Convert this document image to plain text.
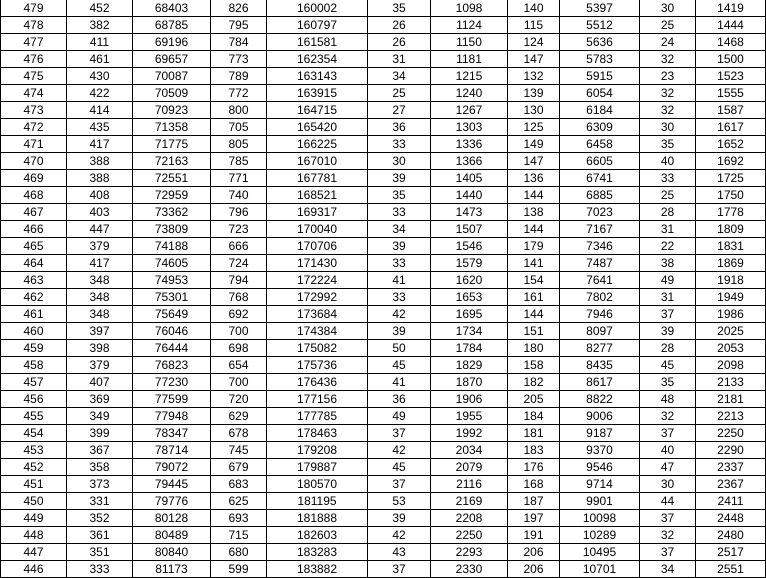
479	452	68403	826	160002	35	1098	140	5397	30	1419
478	382	68785	795	160797	26	1124	115	5512	25	1444
477	411	69196	784	161581	26	1150	124	5636	24	1468
476	461	69657	773	162354	31	1181	147	5783	32	1500
475	430	70087	789	163143	34	1215	132	5915	23	1523
474	422	70509	772	163915	25	1240	139	6054	32	1555
473	414	70923	800	164715	27	1267	130	6184	32	1587
472	435	71358	705	165420	36	1303	125	6309	30	1617
471	417	71775	805	166225	33	1336	149	6458	35	1652
470	388	72163	785	167010	30	1366	147	6605	40	1692
469	388	72551	771	167781	39	1405	136	6741	33	1725
468	408	72959	740	168521	35	1440	144	6885	25	1750
467	403	73362	796	169317	33	1473	138	7023	28	1778
466	447	73809	723	170040	34	1507	144	7167	31	1809
465	379	74188	666	170706	39	1546	179	7346	22	1831
464	417	74605	724	171430	33	1579	141	7487	38	1869
463	348	74953	794	172224	41	1620	154	7641	49	1918
462	348	75301	768	172992	33	1653	161	7802	31	1949
461	348	75649	692	173684	42	1695	144	7946	37	1986
460	397	76046	700	174384	39	1734	151	8097	39	2025
459	398	76444	698	175082	50	1784	180	8277	28	2053
458	379	76823	654	175736	45	1829	158	8435	45	2098
457	407	77230	700	176436	41	1870	182	8617	35	2133
456	369	77599	720	177156	36	1906	205	8822	48	2181
455	349	77948	629	177785	49	1955	184	9006	32	2213
454	399	78347	678	178463	37	1992	181	9187	37	2250
453	367	78714	745	179208	42	2034	183	9370	40	2290
452	358	79072	679	179887	45	2079	176	9546	47	2337
451	373	79445	683	180570	37	2116	168	9714	30	2367
450	331	79776	625	181195	53	2169	187	9901	44	2411
449	352	80128	693	181888	39	2208	197	10098	37	2448
448	361	80489	715	182603	42	2250	191	10289	32	2480
447	351	80840	680	183283	43	2293	206	10495	37	2517
446	333	81173	599	183882	37	2330	206	10701	34	2551
